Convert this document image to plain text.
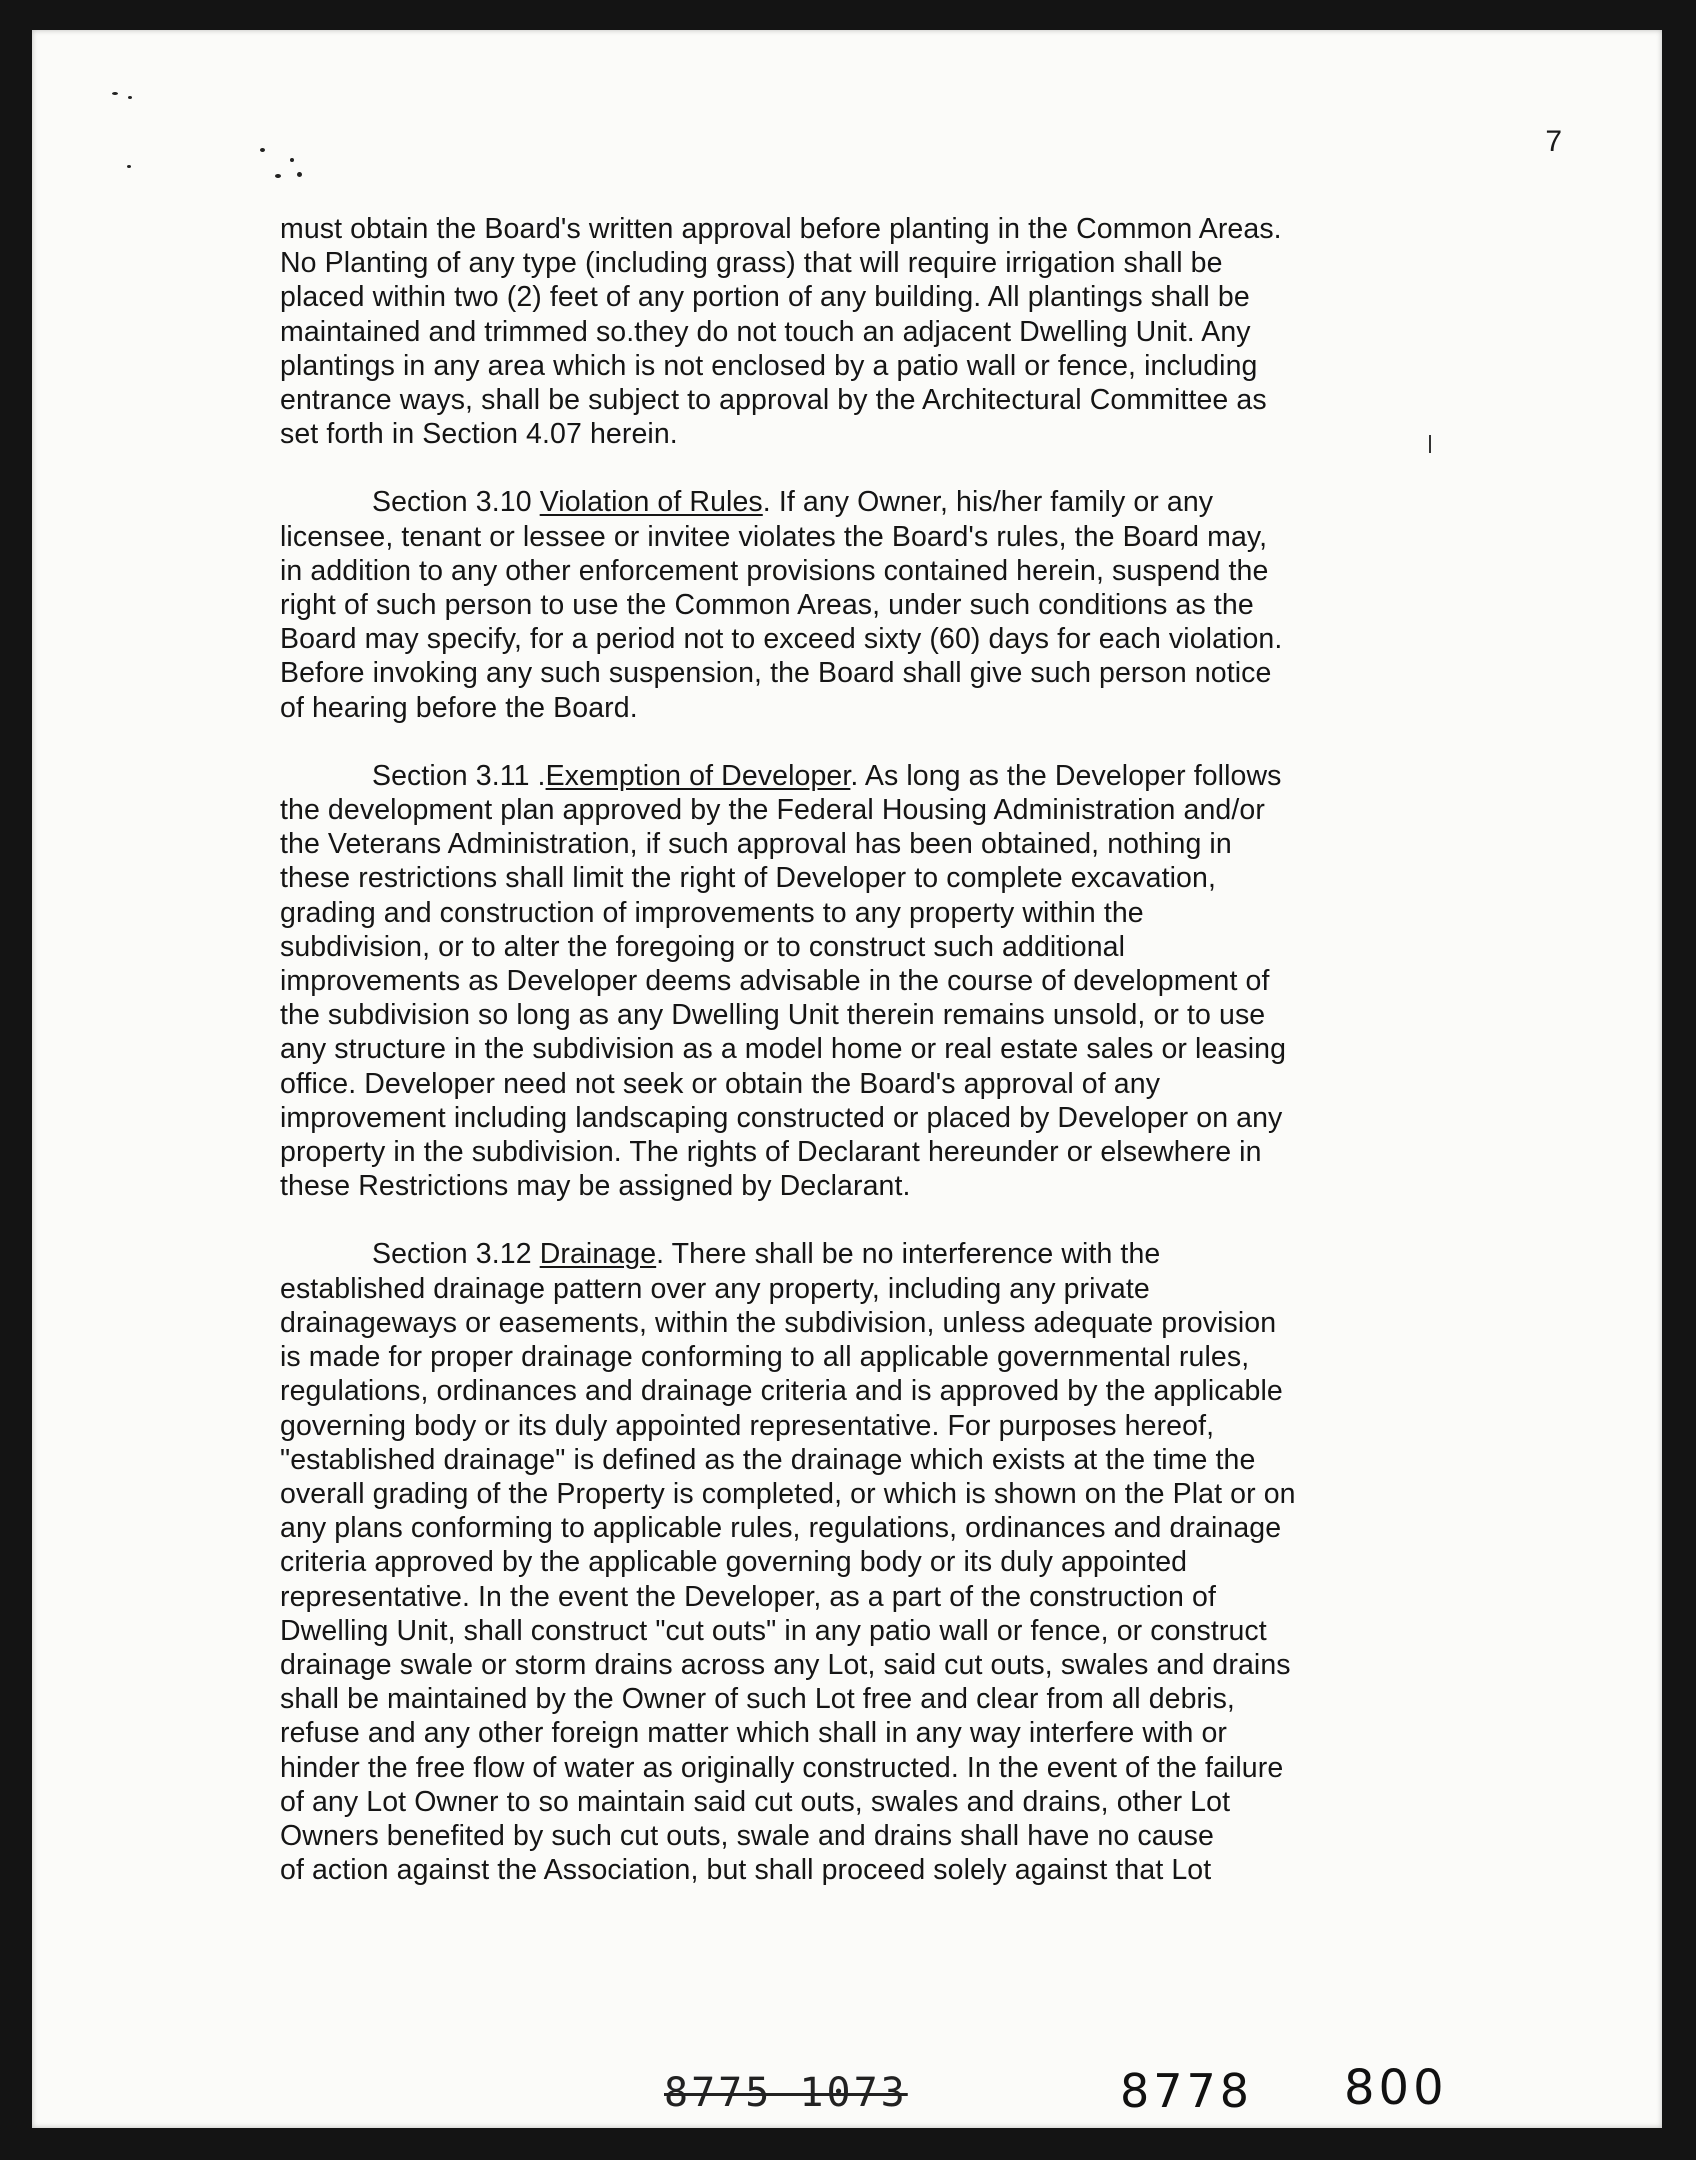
7
must obtain the Board's written approval before planting in the Common Areas.
No Planting of any type (including grass) that will require irrigation shall be
placed within two (2) feet of any portion of any building. All plantings shall be
maintained and trimmed so.they do not touch an adjacent Dwelling Unit. Any
plantings in any area which is not enclosed by a patio wall or fence, including
entrance ways, shall be subject to approval by the Architectural Committee as
set forth in Section 4.07 herein.
Section 3.10 Violation of Rules. If any Owner, his/her family or any
licensee, tenant or lessee or invitee violates the Board's rules, the Board may,
in addition to any other enforcement provisions contained herein, suspend the
right of such person to use the Common Areas, under such conditions as the
Board may specify, for a period not to exceed sixty (60) days for each violation.
Before invoking any such suspension, the Board shall give such person notice
of hearing before the Board.
Section 3.11 .Exemption of Developer. As long as the Developer follows
the development plan approved by the Federal Housing Administration and/or
the Veterans Administration, if such approval has been obtained, nothing in
these restrictions shall limit the right of Developer to complete excavation,
grading and construction of improvements to any property within the
subdivision, or to alter the foregoing or to construct such additional
improvements as Developer deems advisable in the course of development of
the subdivision so long as any Dwelling Unit therein remains unsold, or to use
any structure in the subdivision as a model home or real estate sales or leasing
office. Developer need not seek or obtain the Board's approval of any
improvement including landscaping constructed or placed by Developer on any
property in the subdivision. The rights of Declarant hereunder or elsewhere in
these Restrictions may be assigned by Declarant.
Section 3.12 Drainage. There shall be no interference with the
established drainage pattern over any property, including any private
drainageways or easements, within the subdivision, unless adequate provision
is made for proper drainage conforming to all applicable governmental rules,
regulations, ordinances and drainage criteria and is approved by the applicable
governing body or its duly appointed representative. For purposes hereof,
"established drainage" is defined as the drainage which exists at the time the
overall grading of the Property is completed, or which is shown on the Plat or on
any plans conforming to applicable rules, regulations, ordinances and drainage
criteria approved by the applicable governing body or its duly appointed
representative. In the event the Developer, as a part of the construction of
Dwelling Unit, shall construct "cut outs" in any patio wall or fence, or construct
drainage swale or storm drains across any Lot, said cut outs, swales and drains
shall be maintained by the Owner of such Lot free and clear from all debris,
refuse and any other foreign matter which shall in any way interfere with or
hinder the free flow of water as originally constructed. In the event of the failure
of any Lot Owner to so maintain said cut outs, swales and drains, other Lot
Owners benefited by such cut outs, swale and drains shall have no cause
of action against the Association, but shall proceed solely against that Lot
8775 1073	8778 800
